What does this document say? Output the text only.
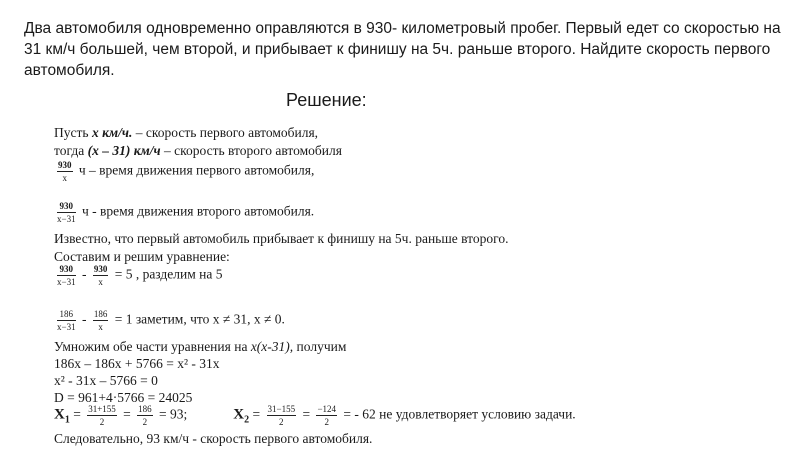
Два автомобиля одновременно оправляются в 930- километровый пробег. Первый едет со скоростью на 31 км/ч большей, чем второй, и прибывает к финишу на 5ч. раньше второго. Найдите скорость первого автомобиля.
Решение:
Пусть х км/ч. – скорость первого автомобиля,
тогда (х – 31) км/ч – скорость второго автомобиля
$\frac{930}{х}$ ч – время движения первого автомобиля,
$\frac{930}{х-31}$ ч - время движения второго автомобиля.
Известно, что первый автомобиль прибывает к финишу на 5ч. раньше второго.
Составим и решим уравнение:
$\frac{930}{х-31} - \frac{930}{х} = 5$ , разделим на 5
$\frac{186}{х-31} - \frac{186}{х} = 1$ заметим, что х ≠ 31, х ≠ 0.
Умножим обе части уравнения на х(х-31), получим
186х – 186х + 5766 = х² - 31х
х² - 31х – 5766 = 0
D = 961+4·5766 = 24025
$X_1 = \frac{31+155}{2} = \frac{186}{2} = 93$;	$X_2 = \frac{31-155}{2} = \frac{-124}{2}$ = - 62 не удовлетворяет условию задачи.
Следовательно, 93 км/ч - скорость первого автомобиля.
